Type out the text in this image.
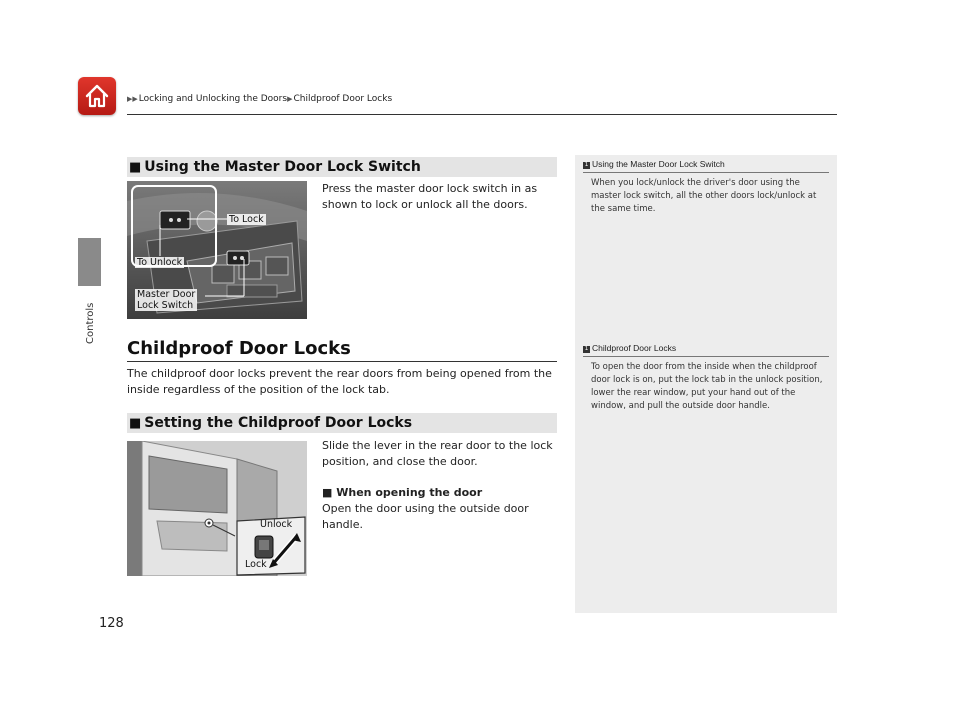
▶▶Locking and Unlocking the Doors▶Childproof Door Locks
Controls
■ Using the Master Door Lock Switch
To Lock
To Unlock
Master Door
Lock Switch
Press the master door lock switch in as shown to lock or unlock all the doors.
Childproof Door Locks
The childproof door locks prevent the rear doors from being opened from the inside regardless of the position of the lock tab.
■ Setting the Childproof Door Locks
Unlock
Lock
Slide the lever in the rear door to the lock position, and close the door.
■ When opening the door
Open the door using the outside door handle.
1 Using the Master Door Lock Switch
When you lock/unlock the driver's door using the master lock switch, all the other doors lock/unlock at the same time.
1 Childproof Door Locks
To open the door from the inside when the childproof door lock is on, put the lock tab in the unlock position, lower the rear window, put your hand out of the window, and pull the outside door handle.
128
